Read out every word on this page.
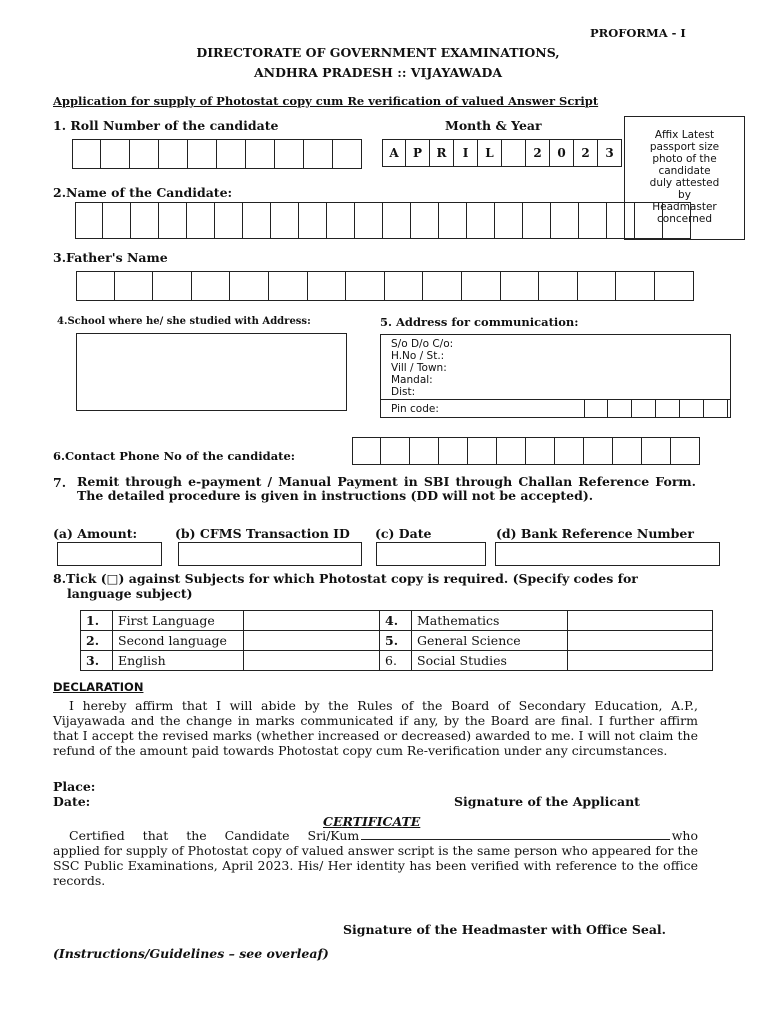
PROFORMA - I
DIRECTORATE OF GOVERNMENT EXAMINATIONS,
ANDHRA PRADESH :: VIJAYAWADA
Application for supply of Photostat copy cum Re verification of valued Answer Script
1. Roll Number of the candidate	Month & Year
A	P	R	I	L	2	0	2	3
Affix Latest
passport size
photo of the
candidate
duly attested
by
Headmaster
concerned
2.Name of the Candidate:
3.Father's Name
4.School where he/ she studied with Address:	5. Address for communication:
S/o D/o C/o:
H.No / St.:
Vill / Town:
Mandal:
Dist:
Pin code:
6.Contact Phone No of the candidate:
7. Remit through e-payment / Manual Payment in SBI through Challan Reference Form. The detailed procedure is given in instructions (DD will not be accepted).
(a) Amount:	(b) CFMS Transaction ID (c) Date	(d) Bank Reference Number
8.Tick (□) against Subjects for which Photostat copy is required. (Specify codes for
language subject)
1.	First Language		4.	Mathematics	
2.	Second language		5.	General Science	
3.	English		6.	Social Studies	
DECLARATION
I hereby affirm that I will abide by the Rules of the Board of Secondary Education, A.P., Vijayawada and the change in marks communicated if any, by the Board are final. I further affirm that I accept the revised marks (whether increased or decreased) awarded to me. I will not claim the refund of the amount paid towards Photostat copy cum Re-verification under any circumstances.
Place:
Date:	Signature of the Applicant
CERTIFICATE
Certified that the Candidate Sri/Kum	who
applied for supply of Photostat copy of valued answer script is the same person who appeared for the SSC Public Examinations, April 2023. His/ Her identity has been verified with reference to the office records.
Signature of the Headmaster with Office Seal.
(Instructions/Guidelines – see overleaf)
